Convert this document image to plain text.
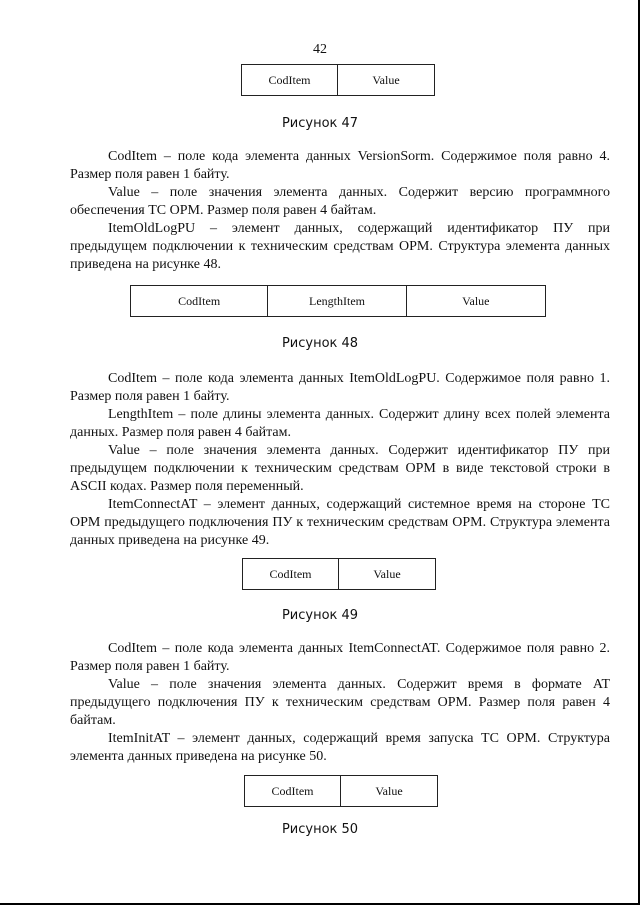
42
CodItem	Value
Рисунок 47

CodItem – поле кода элемента данных VersionSorm. Содержимое поля равно 4. Размер поля равен 1 байту.

Value – поле значения элемента данных. Содержит версию программного обеспечения ТС ОРМ. Размер поля равен 4 байтам.

ItemOldLogPU – элемент данных, содержащий идентификатор ПУ при предыдущем подключении к техническим средствам ОРМ. Структура элемента данных приведена на рисунке 48.

CodItem	LengthItem	Value
Рисунок 48

CodItem – поле кода элемента данных ItemOldLogPU. Содержимое поля равно 1. Размер поля равен 1 байту.

LengthItem – поле длины элемента данных. Содержит длину всех полей элемента данных. Размер поля равен 4 байтам.

Value – поле значения элемента данных. Содержит идентификатор ПУ при предыдущем подключении к техническим средствам ОРМ в виде текстовой строки в ASCII кодах. Размер поля переменный.

ItemConnectAT – элемент данных, содержащий системное время на стороне ТС ОРМ предыдущего подключения ПУ к техническим средствам ОРМ. Структура элемента данных приведена на рисунке 49.

CodItem	Value
Рисунок 49

CodItem – поле кода элемента данных ItemConnectAT. Содержимое поля равно 2. Размер поля равен 1 байту.

Value – поле значения элемента данных. Содержит время в формате AT предыдущего подключения ПУ к техническим средствам ОРМ. Размер поля равен 4 байтам.

ItemInitAT – элемент данных, содержащий время запуска ТС ОРМ. Структура элемента данных приведена на рисунке 50.

CodItem	Value
Рисунок 50
